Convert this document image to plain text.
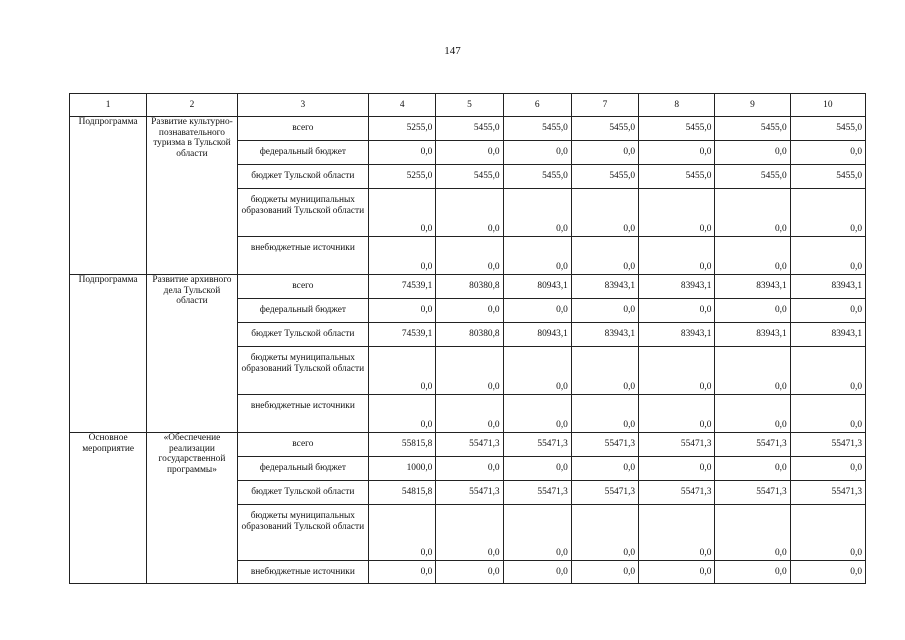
147
1	2	3	4	5	6	7	8	9	10
Подпрограмма	Развитие культурно-познавательного туризма в Тульской области	всего	5255,0	5455,0	5455,0	5455,0	5455,0	5455,0	5455,0
		федеральный бюджет	0,0	0,0	0,0	0,0	0,0	0,0	0,0
		бюджет Тульской области	5255,0	5455,0	5455,0	5455,0	5455,0	5455,0	5455,0
		бюджеты муниципальных образований Тульской области	0,0	0,0	0,0	0,0	0,0	0,0	0,0
		внебюджетные источники	0,0	0,0	0,0	0,0	0,0	0,0	0,0
Подпрограмма	Развитие архивного дела Тульской области	всего	74539,1	80380,8	80943,1	83943,1	83943,1	83943,1	83943,1
		федеральный бюджет	0,0	0,0	0,0	0,0	0,0	0,0	0,0
		бюджет Тульской области	74539,1	80380,8	80943,1	83943,1	83943,1	83943,1	83943,1
		бюджеты муниципальных образований Тульской области	0,0	0,0	0,0	0,0	0,0	0,0	0,0
		внебюджетные источники	0,0	0,0	0,0	0,0	0,0	0,0	0,0
Основное мероприятие	«Обеспечение реализации государственной программы»	всего	55815,8	55471,3	55471,3	55471,3	55471,3	55471,3	55471,3
		федеральный бюджет	1000,0	0,0	0,0	0,0	0,0	0,0	0,0
		бюджет Тульской области	54815,8	55471,3	55471,3	55471,3	55471,3	55471,3	55471,3
		бюджеты муниципальных образований Тульской области	0,0	0,0	0,0	0,0	0,0	0,0	0,0
		внебюджетные источники	0,0	0,0	0,0	0,0	0,0	0,0	0,0
